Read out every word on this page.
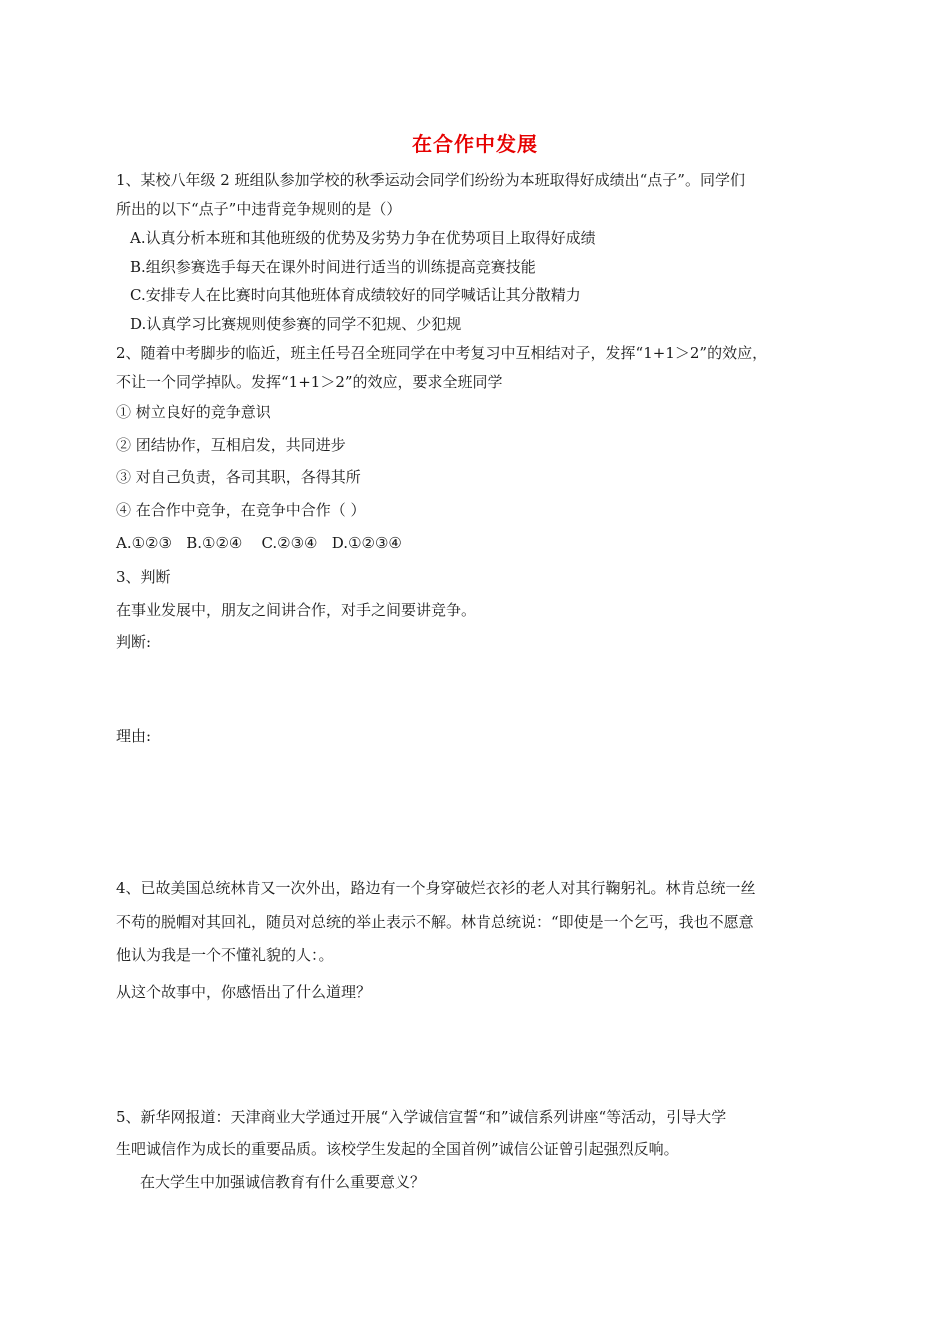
在合作中发展
1、某校八年级 2 班组队参加学校的秋季运动会同学们纷纷为本班取得好成绩出“点子”。同学们
所出的以下“点子”中违背竞争规则的是（）
A.认真分析本班和其他班级的优势及劣势力争在优势项目上取得好成绩
B.组织参赛选手每天在课外时间进行适当的训练提高竞赛技能
C.安排专人在比赛时向其他班体育成绩较好的同学喊话让其分散精力
D.认真学习比赛规则使参赛的同学不犯规、少犯规
2、随着中考脚步的临近，班主任号召全班同学在中考复习中互相结对子，发挥“1+1＞2”的效应，
不让一个同学掉队。发挥“1+1＞2”的效应，要求全班同学
① 树立良好的竞争意识
② 团结协作，互相启发，共同进步
③ 对自己负责，各司其职，各得其所
④ 在合作中竞争，在竞争中合作（ ）
A.①②③   B.①②④    C.②③④   D.①②③④
3、判断
在事业发展中，朋友之间讲合作，对手之间要讲竞争。
判断:
理由:
4、已故美国总统林肯又一次外出，路边有一个身穿破烂衣衫的老人对其行鞠躬礼。林肯总统一丝
不苟的脱帽对其回礼，随员对总统的举止表示不解。林肯总统说：“即使是一个乞丐，我也不愿意
他认为我是一个不懂礼貌的人：。
从这个故事中，你感悟出了什么道理？
5、新华网报道：天津商业大学通过开展“入学诚信宣誓“和”诚信系列讲座“等活动，引导大学
生吧诚信作为成长的重要品质。该校学生发起的全国首例”诚信公证曾引起强烈反响。
在大学生中加强诚信教育有什么重要意义？
